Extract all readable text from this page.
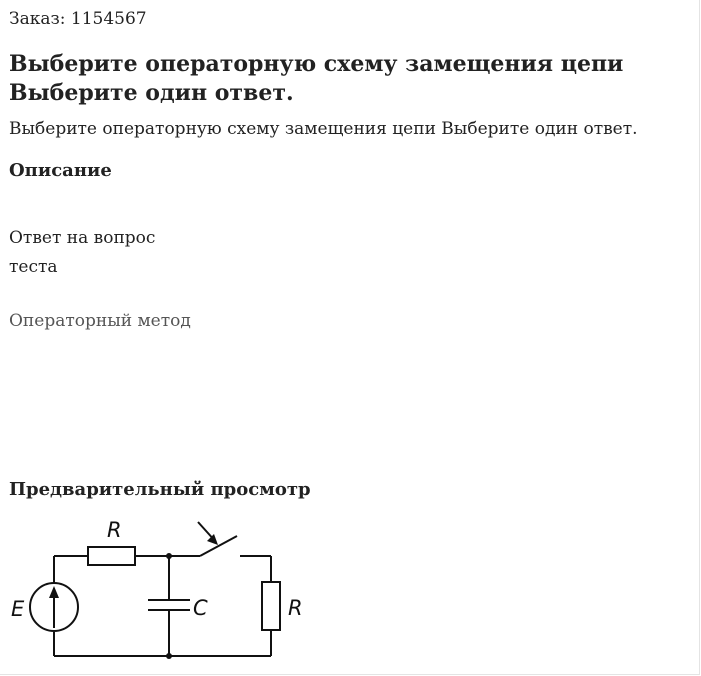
Заказ: 1154567
Выберите операторную схему замещения цепи
Выберите один ответ.
Выберите операторную схему замещения цепи Выберите один ответ.
Описание
Ответ на вопрос
теста
Операторный метод
Предварительный просмотр
R
E	C	R
